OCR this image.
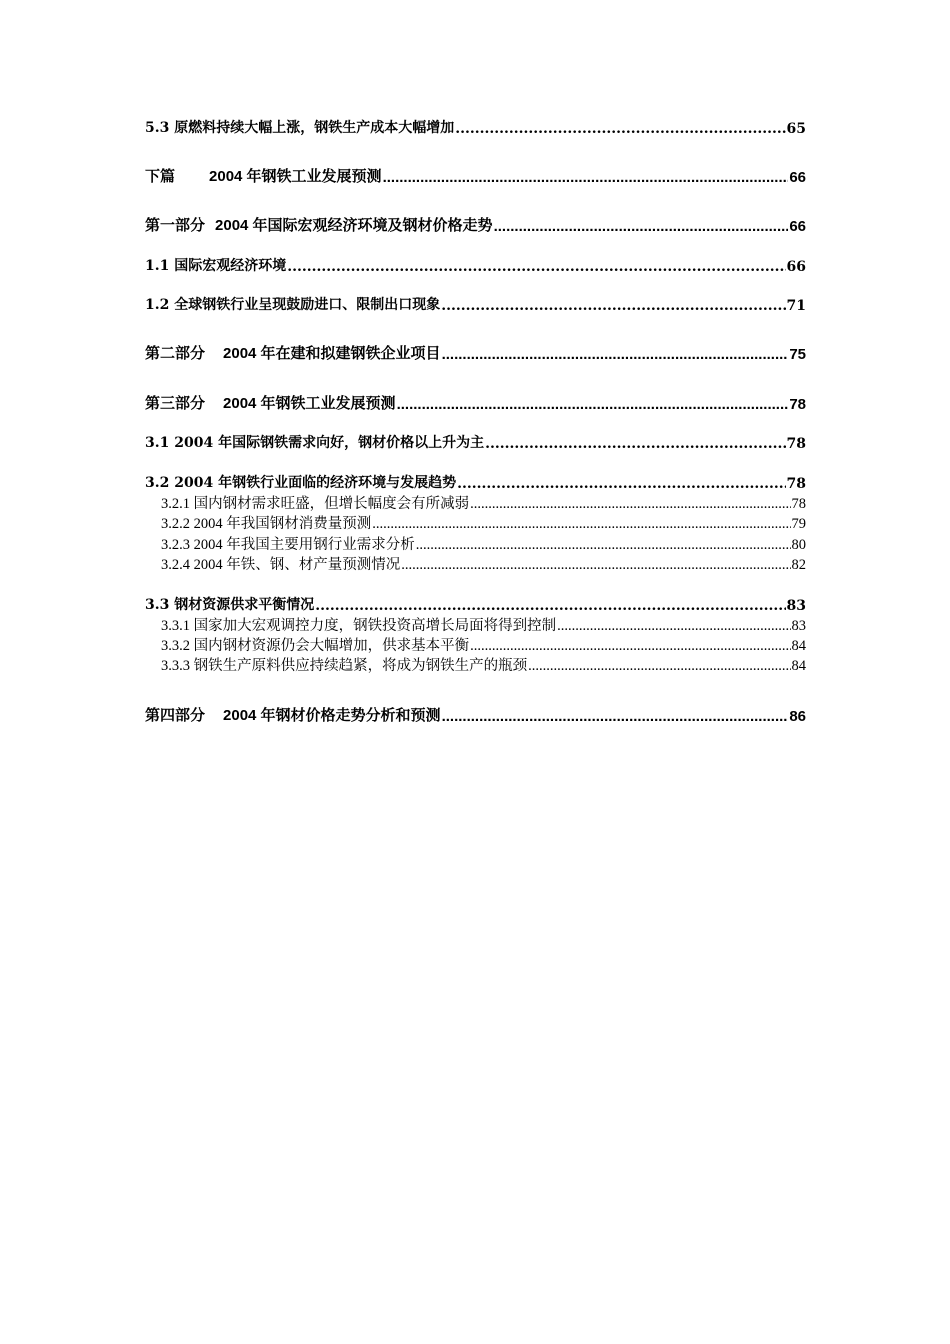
5.3 原燃料持续大幅上涨，钢铁生产成本大幅增加 .....	65
下篇 2004 年钢铁工业发展预测 .....	66
第一部分 2004 年国际宏观经济环境及钢材价格走势 .....	66
1.1 国际宏观经济环境 .....	66
1.2 全球钢铁行业呈现鼓励进口、限制出口现象 .....	71
第二部分 2004 年在建和拟建钢铁企业项目 .....	75
第三部分 2004 年钢铁工业发展预测 .....	78
3.1 2004 年国际钢铁需求向好，钢材价格以上升为主 .....	78
3.2 2004 年钢铁行业面临的经济环境与发展趋势 .....	78
3.2.1 国内钢材需求旺盛，但增长幅度会有所减弱 .....	78
3.2.2 2004 年我国钢材消费量预测 .....	79
3.2.3 2004 年我国主要用钢行业需求分析 .....	80
3.2.4 2004 年铁、钢、材产量预测情况 .....	82
3.3 钢材资源供求平衡情况 .....	83
3.3.1 国家加大宏观调控力度，钢铁投资高增长局面将得到控制 .....	83
3.3.2 国内钢材资源仍会大幅增加，供求基本平衡 .....	84
3.3.3 钢铁生产原料供应持续趋紧，将成为钢铁生产的瓶颈 .....	84
第四部分 2004 年钢材价格走势分析和预测 .....	86
